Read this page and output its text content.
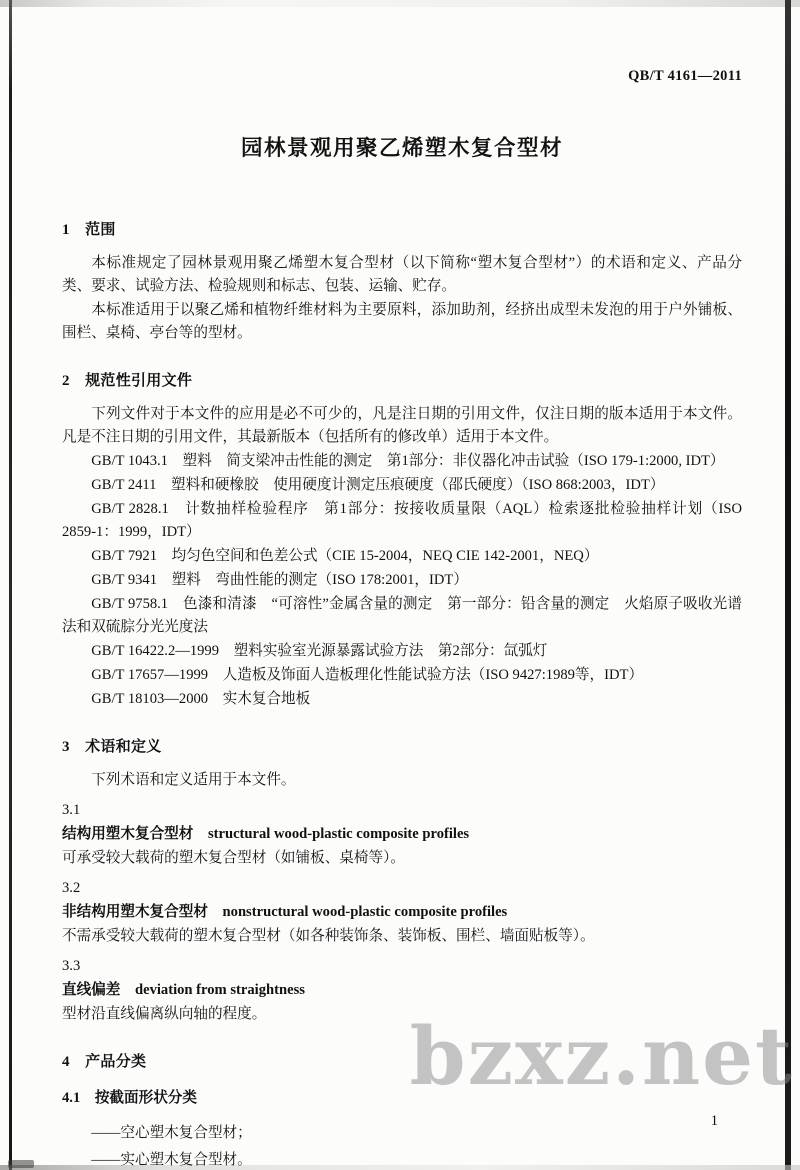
QB/T 4161—2011
园林景观用聚乙烯塑木复合型材
1　范围
本标准规定了园林景观用聚乙烯塑木复合型材（以下简称“塑木复合型材”）的术语和定义、产品分类、要求、试验方法、检验规则和标志、包装、运输、贮存。
本标准适用于以聚乙烯和植物纤维材料为主要原料，添加助剂，经挤出成型未发泡的用于户外铺板、围栏、桌椅、亭台等的型材。
2　规范性引用文件
下列文件对于本文件的应用是必不可少的，凡是注日期的引用文件，仅注日期的版本适用于本文件。凡是不注日期的引用文件，其最新版本（包括所有的修改单）适用于本文件。
GB/T 1043.1　塑料　简支梁冲击性能的测定　第1部分：非仪器化冲击试验（ISO 179-1:2000, IDT）
GB/T 2411　塑料和硬橡胶　使用硬度计测定压痕硬度（邵氏硬度）（ISO 868:2003，IDT）
GB/T 2828.1　计数抽样检验程序　第1部分：按接收质量限（AQL）检索逐批检验抽样计划（ISO 2859-1：1999，IDT）
GB/T 7921　均匀色空间和色差公式（CIE 15-2004，NEQ CIE 142-2001，NEQ）
GB/T 9341　塑料　弯曲性能的测定（ISO 178:2001，IDT）
GB/T 9758.1　色漆和清漆　“可溶性”金属含量的测定　第一部分：铅含量的测定　火焰原子吸收光谱法和双硫腙分光光度法
GB/T 16422.2—1999　塑料实验室光源暴露试验方法　第2部分：氙弧灯
GB/T 17657—1999　人造板及饰面人造板理化性能试验方法（ISO 9427:1989等，IDT）
GB/T 18103—2000　实木复合地板
3　术语和定义
下列术语和定义适用于本文件。
3.1
结构用塑木复合型材　structural wood-plastic composite profiles
可承受较大载荷的塑木复合型材（如铺板、桌椅等）。
3.2
非结构用塑木复合型材　nonstructural wood-plastic composite profiles
不需承受较大载荷的塑木复合型材（如各种装饰条、装饰板、围栏、墙面贴板等）。
3.3
直线偏差　deviation from straightness
型材沿直线偏离纵向轴的程度。
4　产品分类
4.1　按截面形状分类
——空心塑木复合型材；
——实心塑木复合型材。
bzxz.net
1
